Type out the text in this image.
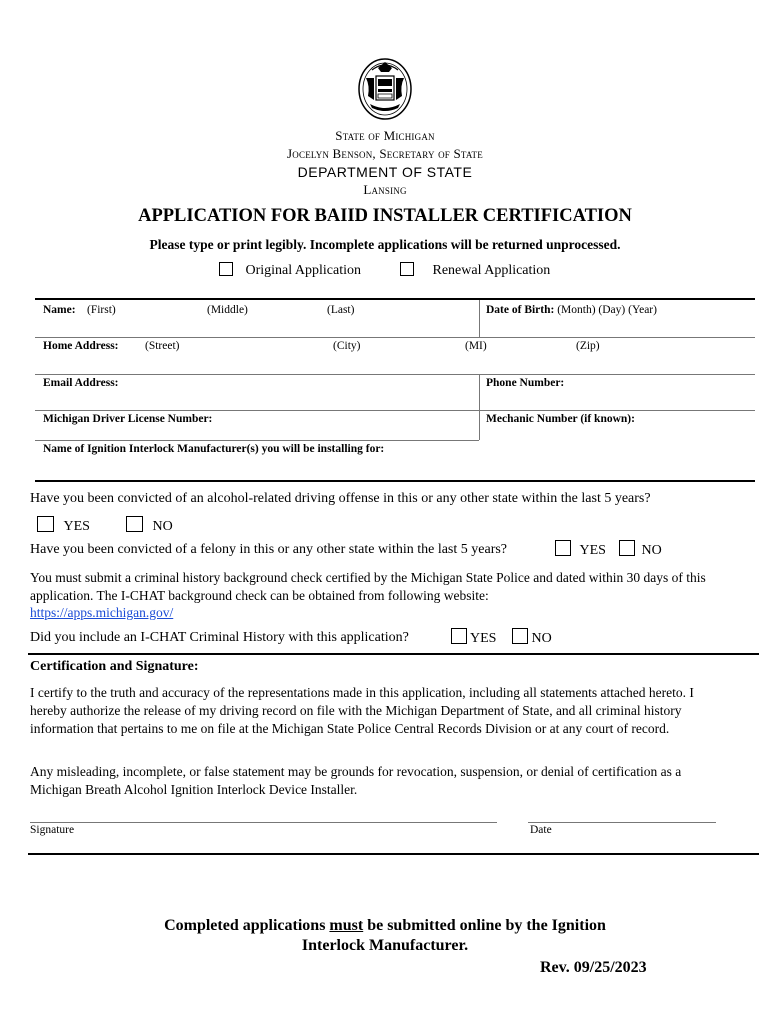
State of Michigan
Jocelyn Benson, Secretary of State
DEPARTMENT OF STATE
Lansing
APPLICATION FOR BAIID INSTALLER CERTIFICATION
Please type or print legibly. Incomplete applications will be returned unprocessed.
Original Application	Renewal Application
Name: (First)	(Middle)	(Last)	Date of Birth: (Month) (Day) (Year)
Home Address: (Street)	(City)	(MI)	(Zip)
Email Address:	Phone Number:
Michigan Driver License Number:	Mechanic Number (if known):
Name of Ignition Interlock Manufacturer(s) you will be installing for:
Have you been convicted of an alcohol-related driving offense in this or any other state within the last 5 years?
YES	NO
Have you been convicted of a felony in this or any other state within the last 5 years?	YES	NO
You must submit a criminal history background check certified by the Michigan State Police and dated within 30 days of this application. The I-CHAT background check can be obtained from following website:
https://apps.michigan.gov/
Did you include an I-CHAT Criminal History with this application?	YES	NO
Certification and Signature:
I certify to the truth and accuracy of the representations made in this application, including all statements attached hereto. I hereby authorize the release of my driving record on file with the Michigan Department of State, and all criminal history information that pertains to me on file at the Michigan State Police Central Records Division or at any court of record.
Any misleading, incomplete, or false statement may be grounds for revocation, suspension, or denial of certification as a Michigan Breath Alcohol Ignition Interlock Device Installer.
Signature	Date
Completed applications must be submitted online by the Ignition
Interlock Manufacturer.
Rev. 09/25/2023
